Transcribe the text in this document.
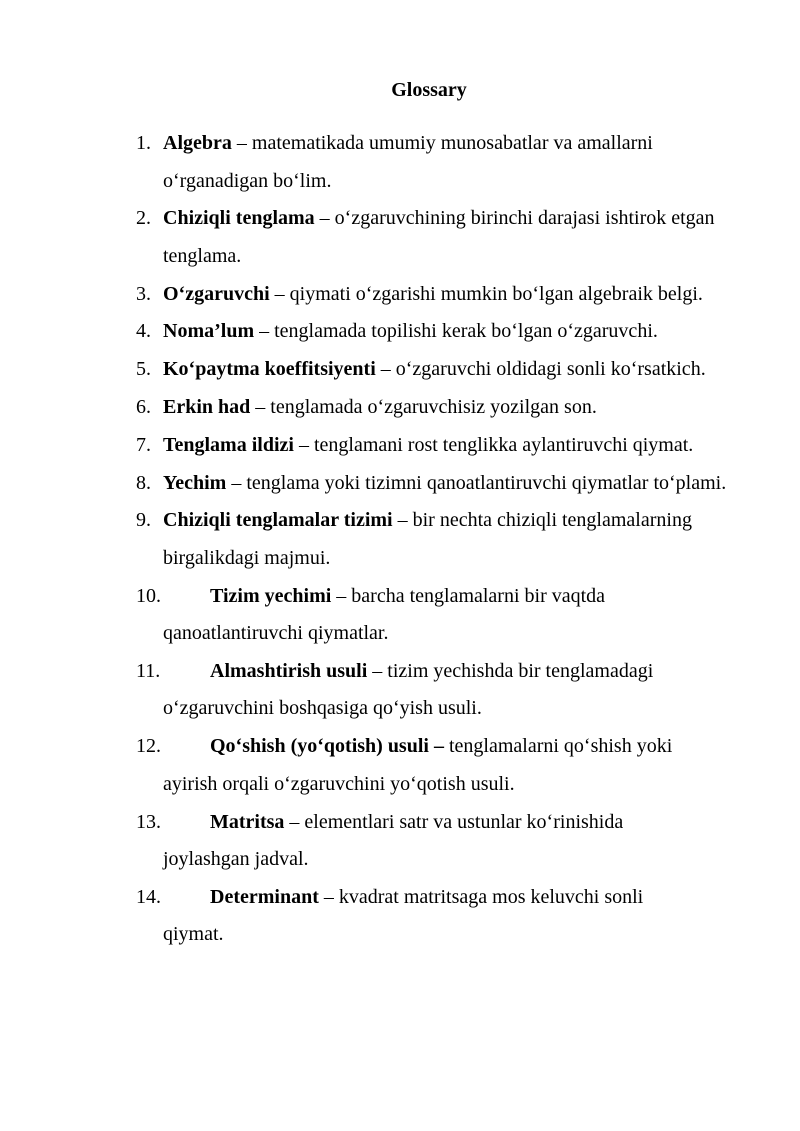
Glossary
1. Algebra – matematikada umumiy munosabatlar va amallarni o‘rganadigan bo‘lim.
2. Chiziqli tenglama – o‘zgaruvchining birinchi darajasi ishtirok etgan tenglama.
3. O‘zgaruvchi – qiymati o‘zgarishi mumkin bo‘lgan algebraik belgi.
4. Noma’lum – tenglamada topilishi kerak bo‘lgan o‘zgaruvchi.
5. Ko‘paytma koeffitsiyenti – o‘zgaruvchi oldidagi sonli ko‘rsatkich.
6. Erkin had – tenglamada o‘zgaruvchisiz yozilgan son.
7. Tenglama ildizi – tenglamani rost tenglikka aylantiruvchi qiymat.
8. Yechim – tenglama yoki tizimni qanoatlantiruvchi qiymatlar to‘plami.
9. Chiziqli tenglamalar tizimi – bir nechta chiziqli tenglamalarning birgalikdagi majmui.
10.	Tizim yechimi – barcha tenglamalarni bir vaqtda
qanoatlantiruvchi qiymatlar.
11.	Almashtirish usuli – tizim yechishda bir tenglamadagi
o‘zgaruvchini boshqasiga qo‘yish usuli.
12.	Qo‘shish (yo‘qotish) usuli – tenglamalarni qo‘shish yoki
ayirish orqali o‘zgaruvchini yo‘qotish usuli.
13.	Matritsa – elementlari satr va ustunlar ko‘rinishida
joylashgan jadval.
14.	Determinant – kvadrat matritsaga mos keluvchi sonli
qiymat.
